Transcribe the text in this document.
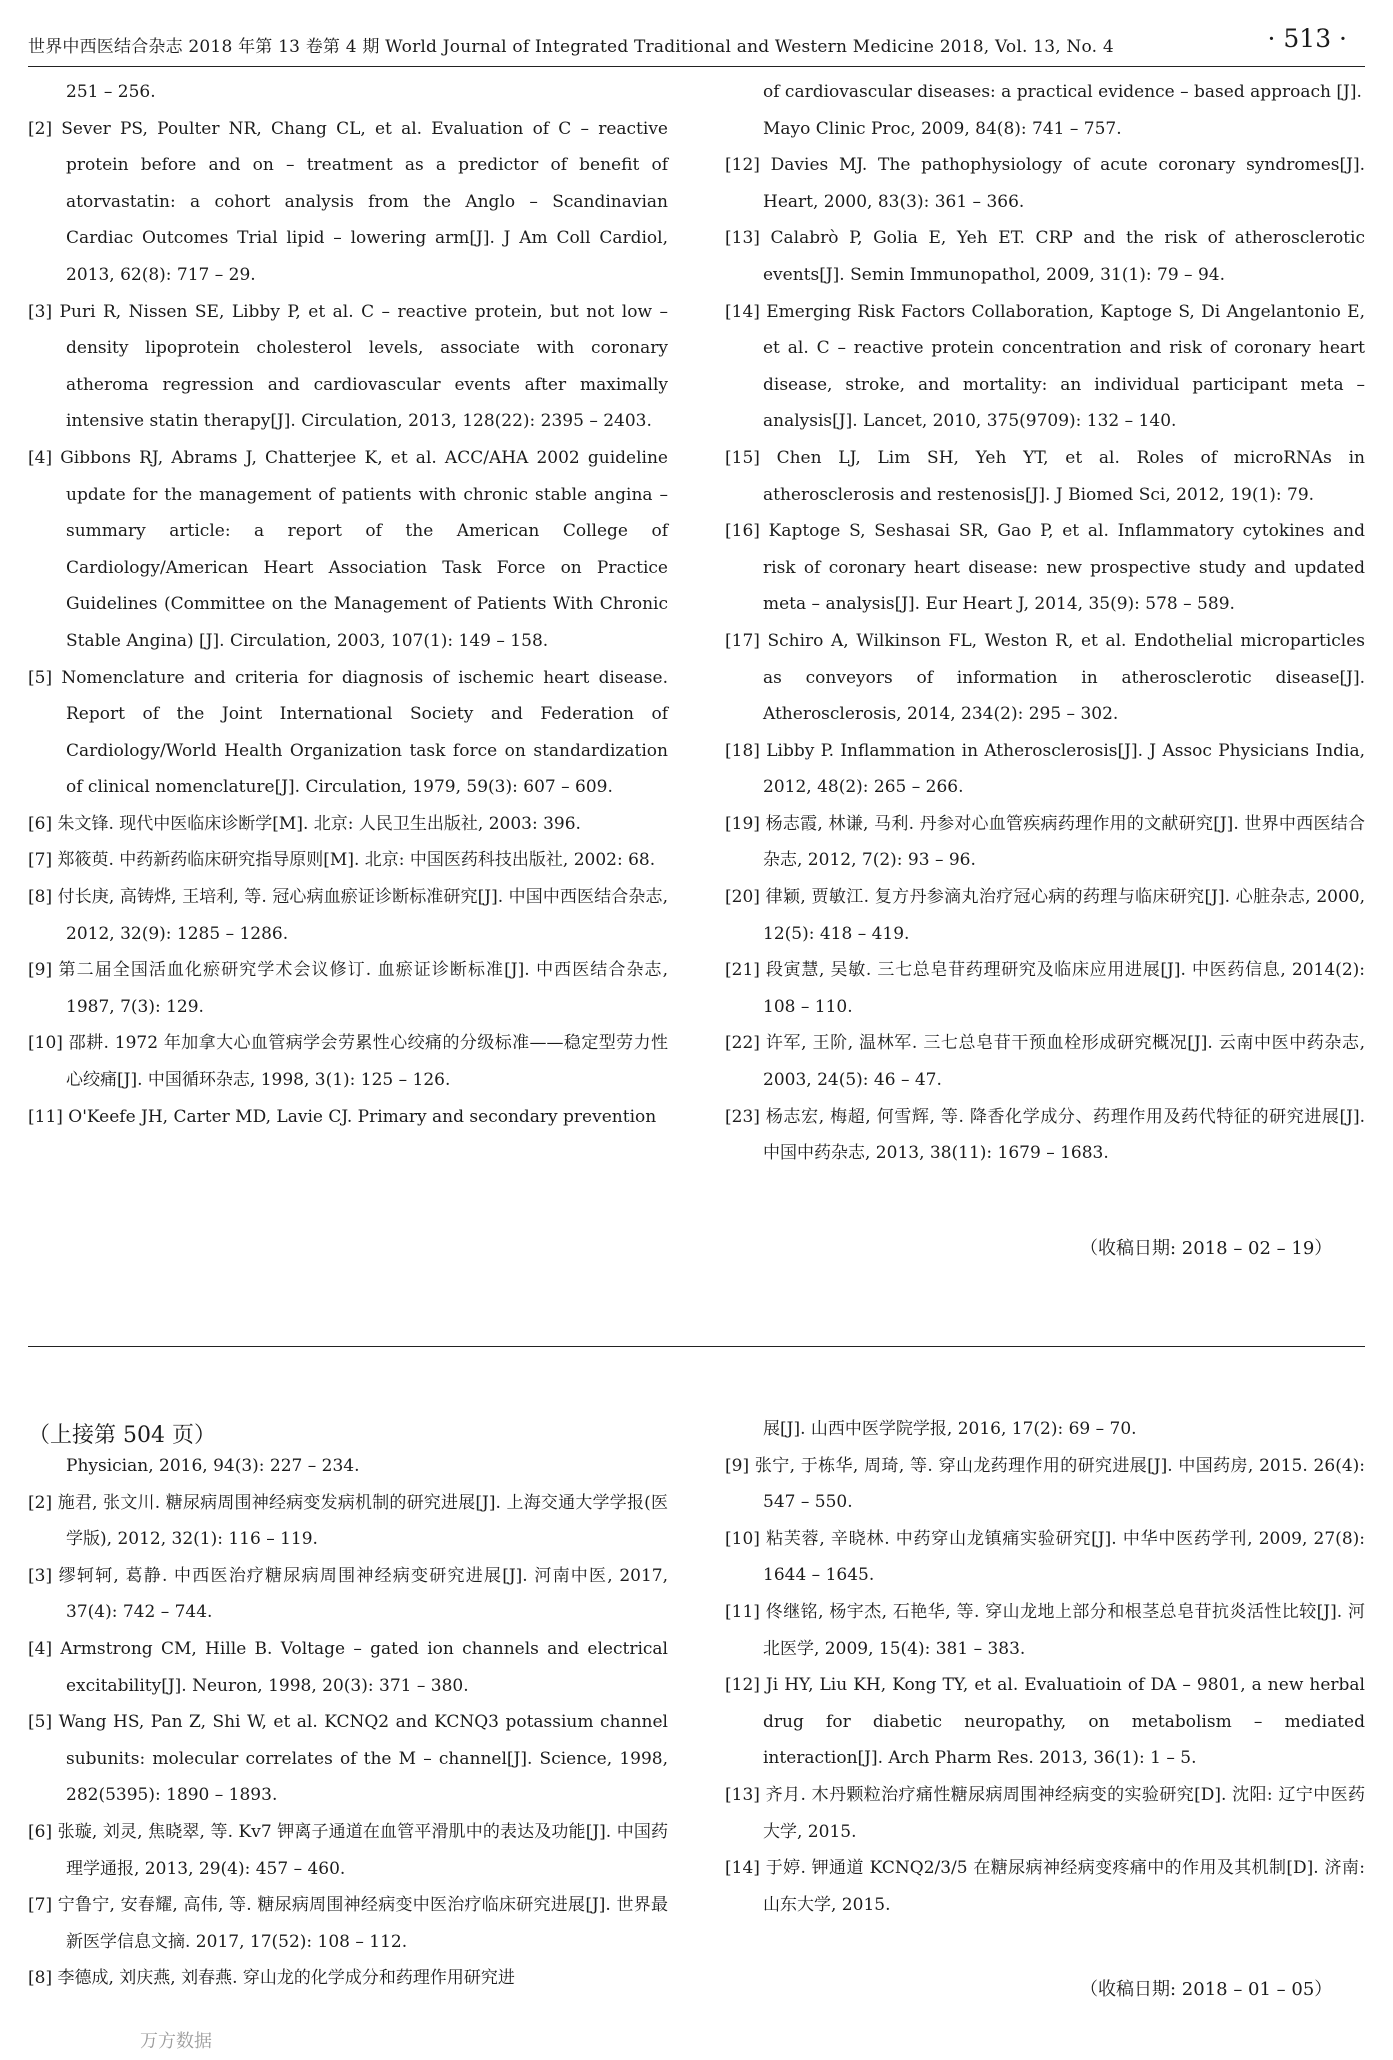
世界中西医结合杂志 2018 年第 13 卷第 4 期 World Journal of Integrated Traditional and Western Medicine 2018, Vol. 13, No. 4	· 513 ·
251 – 256.
[2] Sever PS, Poulter NR, Chang CL, et al. Evaluation of C – reactive protein before and on – treatment as a predictor of benefit of atorvastatin: a cohort analysis from the Anglo – Scandinavian Cardiac Outcomes Trial lipid – lowering arm[J]. J Am Coll Cardiol, 2013, 62(8): 717 – 29.
[3] Puri R, Nissen SE, Libby P, et al. C – reactive protein, but not low – density lipoprotein cholesterol levels, associate with coronary atheroma regression and cardiovascular events after maximally intensive statin therapy[J]. Circulation, 2013, 128(22): 2395 – 2403.
[4] Gibbons RJ, Abrams J, Chatterjee K, et al. ACC/AHA 2002 guideline update for the management of patients with chronic stable angina – summary article: a report of the American College of Cardiology/American Heart Association Task Force on Practice Guidelines (Committee on the Management of Patients With Chronic Stable Angina) [J]. Circulation, 2003, 107(1): 149 – 158.
[5] Nomenclature and criteria for diagnosis of ischemic heart disease. Report of the Joint International Society and Federation of Cardiology/World Health Organization task force on standardization of clinical nomenclature[J]. Circulation, 1979, 59(3): 607 – 609.
[6] 朱文锋. 现代中医临床诊断学[M]. 北京: 人民卫生出版社, 2003: 396.
[7] 郑筱萸. 中药新药临床研究指导原则[M]. 北京: 中国医药科技出版社, 2002: 68.
[8] 付长庚, 高铸烨, 王培利, 等. 冠心病血瘀证诊断标准研究[J]. 中国中西医结合杂志, 2012, 32(9): 1285 – 1286.
[9] 第二届全国活血化瘀研究学术会议修订. 血瘀证诊断标准[J]. 中西医结合杂志, 1987, 7(3): 129.
[10] 邵耕. 1972 年加拿大心血管病学会劳累性心绞痛的分级标准——稳定型劳力性心绞痛[J]. 中国循环杂志, 1998, 3(1): 125 – 126.
[11] O'Keefe JH, Carter MD, Lavie CJ. Primary and secondary prevention
of cardiovascular diseases: a practical evidence – based approach [J]. Mayo Clinic Proc, 2009, 84(8): 741 – 757.
[12] Davies MJ. The pathophysiology of acute coronary syndromes[J]. Heart, 2000, 83(3): 361 – 366.
[13] Calabrò P, Golia E, Yeh ET. CRP and the risk of atherosclerotic events[J]. Semin Immunopathol, 2009, 31(1): 79 – 94.
[14] Emerging Risk Factors Collaboration, Kaptoge S, Di Angelantonio E, et al. C – reactive protein concentration and risk of coronary heart disease, stroke, and mortality: an individual participant meta – analysis[J]. Lancet, 2010, 375(9709): 132 – 140.
[15] Chen LJ, Lim SH, Yeh YT, et al. Roles of microRNAs in atherosclerosis and restenosis[J]. J Biomed Sci, 2012, 19(1): 79.
[16] Kaptoge S, Seshasai SR, Gao P, et al. Inflammatory cytokines and risk of coronary heart disease: new prospective study and updated meta – analysis[J]. Eur Heart J, 2014, 35(9): 578 – 589.
[17] Schiro A, Wilkinson FL, Weston R, et al. Endothelial microparticles as conveyors of information in atherosclerotic disease[J]. Atherosclerosis, 2014, 234(2): 295 – 302.
[18] Libby P. Inflammation in Atherosclerosis[J]. J Assoc Physicians India, 2012, 48(2): 265 – 266.
[19] 杨志霞, 林谦, 马利. 丹参对心血管疾病药理作用的文献研究[J]. 世界中西医结合杂志, 2012, 7(2): 93 – 96.
[20] 律颖, 贾敏江. 复方丹参滴丸治疗冠心病的药理与临床研究[J]. 心脏杂志, 2000, 12(5): 418 – 419.
[21] 段寅慧, 吴敏. 三七总皂苷药理研究及临床应用进展[J]. 中医药信息, 2014(2): 108 – 110.
[22] 许军, 王阶, 温林军. 三七总皂苷干预血栓形成研究概况[J]. 云南中医中药杂志, 2003, 24(5): 46 – 47.
[23] 杨志宏, 梅超, 何雪辉, 等. 降香化学成分、药理作用及药代特征的研究进展[J]. 中国中药杂志, 2013, 38(11): 1679 – 1683.
（收稿日期: 2018 – 02 – 19）
（上接第 504 页）
Physician, 2016, 94(3): 227 – 234.
[2] 施君, 张文川. 糖尿病周围神经病变发病机制的研究进展[J]. 上海交通大学学报(医学版), 2012, 32(1): 116 – 119.
[3] 缪轲轲, 葛静. 中西医治疗糖尿病周围神经病变研究进展[J]. 河南中医, 2017, 37(4): 742 – 744.
[4] Armstrong CM, Hille B. Voltage – gated ion channels and electrical excitability[J]. Neuron, 1998, 20(3): 371 – 380.
[5] Wang HS, Pan Z, Shi W, et al. KCNQ2 and KCNQ3 potassium channel subunits: molecular correlates of the M – channel[J]. Science, 1998, 282(5395): 1890 – 1893.
[6] 张璇, 刘灵, 焦晓翠, 等. Kv7 钾离子通道在血管平滑肌中的表达及功能[J]. 中国药理学通报, 2013, 29(4): 457 – 460.
[7] 宁鲁宁, 安春耀, 高伟, 等. 糖尿病周围神经病变中医治疗临床研究进展[J]. 世界最新医学信息文摘. 2017, 17(52): 108 – 112.
[8] 李德成, 刘庆燕, 刘春燕. 穿山龙的化学成分和药理作用研究进
展[J]. 山西中医学院学报, 2016, 17(2): 69 – 70.
[9] 张宁, 于栋华, 周琦, 等. 穿山龙药理作用的研究进展[J]. 中国药房, 2015. 26(4): 547 – 550.
[10] 粘芙蓉, 辛晓林. 中药穿山龙镇痛实验研究[J]. 中华中医药学刊, 2009, 27(8): 1644 – 1645.
[11] 佟继铭, 杨宇杰, 石艳华, 等. 穿山龙地上部分和根茎总皂苷抗炎活性比较[J]. 河北医学, 2009, 15(4): 381 – 383.
[12] Ji HY, Liu KH, Kong TY, et al. Evaluatioin of DA – 9801, a new herbal drug for diabetic neuropathy, on metabolism – mediated interaction[J]. Arch Pharm Res. 2013, 36(1): 1 – 5.
[13] 齐月. 木丹颗粒治疗痛性糖尿病周围神经病变的实验研究[D]. 沈阳: 辽宁中医药大学, 2015.
[14] 于婷. 钾通道 KCNQ2/3/5 在糖尿病神经病变疼痛中的作用及其机制[D]. 济南: 山东大学, 2015.
（收稿日期: 2018 – 01 – 05）
万方数据
